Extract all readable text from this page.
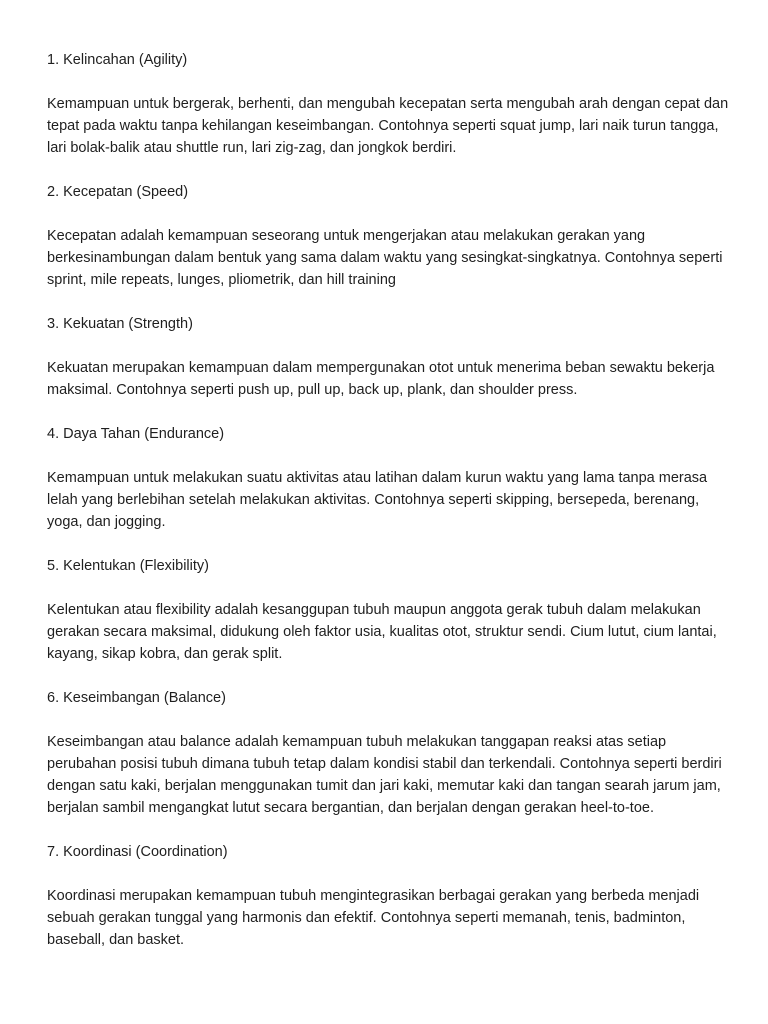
1. Kelincahan (Agility)

Kemampuan untuk bergerak, berhenti, dan mengubah kecepatan serta mengubah arah dengan cepat dan tepat pada waktu tanpa kehilangan keseimbangan. Contohnya seperti squat jump, lari naik turun tangga, lari bolak-balik atau shuttle run, lari zig-zag, dan jongkok berdiri.

2. Kecepatan (Speed)

Kecepatan adalah kemampuan seseorang untuk mengerjakan atau melakukan gerakan yang berkesinambungan dalam bentuk yang sama dalam waktu yang sesingkat-singkatnya. Contohnya seperti sprint, mile repeats, lunges, pliometrik, dan hill training

3. Kekuatan (Strength)

Kekuatan merupakan kemampuan dalam mempergunakan otot untuk menerima beban sewaktu bekerja maksimal. Contohnya seperti push up, pull up, back up, plank, dan shoulder press.

4. Daya Tahan (Endurance)

Kemampuan untuk melakukan suatu aktivitas atau latihan dalam kurun waktu yang lama tanpa merasa lelah yang berlebihan setelah melakukan aktivitas. Contohnya seperti skipping, bersepeda, berenang, yoga, dan jogging.

5. Kelentukan (Flexibility)

Kelentukan atau flexibility adalah kesanggupan tubuh maupun anggota gerak tubuh dalam melakukan gerakan secara maksimal, didukung oleh faktor usia, kualitas otot, struktur sendi. Cium lutut, cium lantai, kayang, sikap kobra, dan gerak split.

6. Keseimbangan (Balance)

Keseimbangan atau balance adalah kemampuan tubuh melakukan tanggapan reaksi atas setiap perubahan posisi tubuh dimana tubuh tetap dalam kondisi stabil dan terkendali. Contohnya seperti berdiri dengan satu kaki, berjalan menggunakan tumit dan jari kaki, memutar kaki dan tangan searah jarum jam, berjalan sambil mengangkat lutut secara bergantian, dan berjalan dengan gerakan heel-to-toe.

7. Koordinasi (Coordination)

Koordinasi merupakan kemampuan tubuh mengintegrasikan berbagai gerakan yang berbeda menjadi sebuah gerakan tunggal yang harmonis dan efektif. Contohnya seperti memanah, tenis, badminton, baseball, dan basket.
